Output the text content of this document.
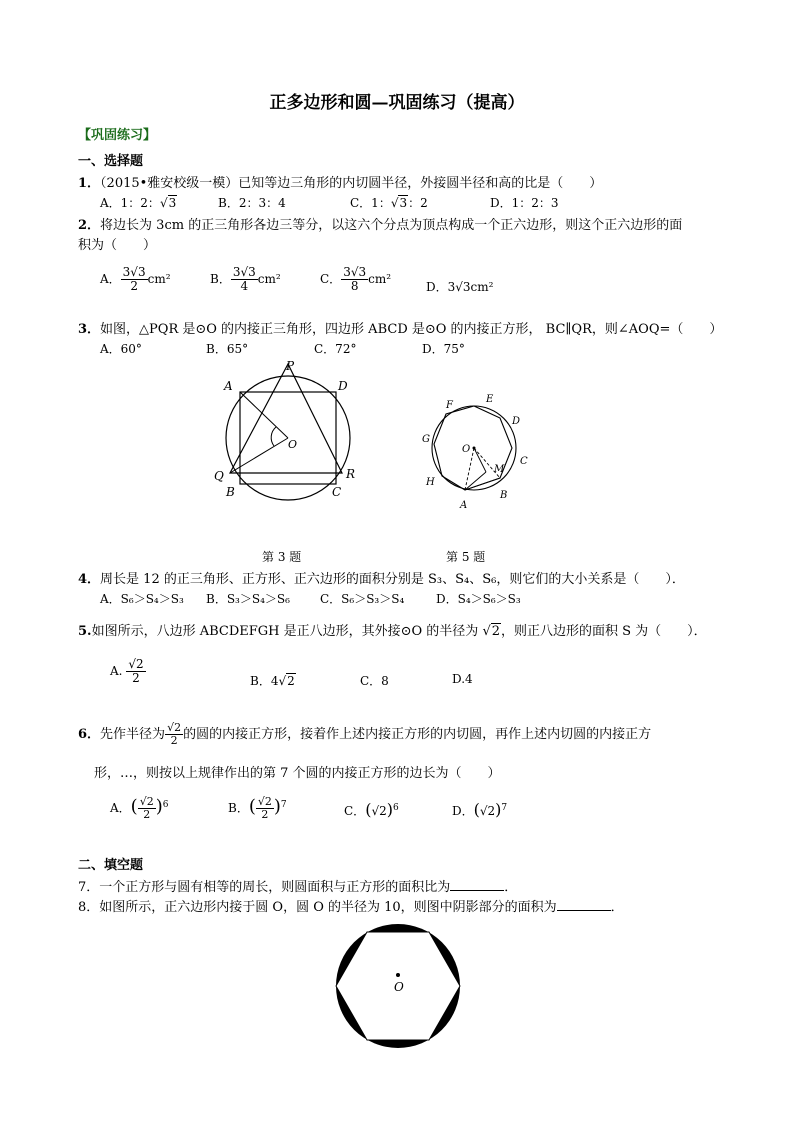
正多边形和圆—巩固练习（提高）
【巩固练习】
一、选择题
1．（2015•雅安校级一模）已知等边三角形的内切圆半径，外接圆半径和高的比是（　　）
A．1：2：√3	B．2：3：4	C．1：√3：2	D．1：2：3
2．将边长为 3cm 的正三角形各边三等分，以这六个分点为顶点构成一个正六边形，则这个正六边形的面
积为（　　）
A． $\frac{3√3}{2} cm^2$	B． $\frac{3√3}{4} cm^2$	C． $\frac{3√3}{8} cm^2$
D．3√3cm²
3．如图，△PQR 是⊙O 的内接正三角形，四边形 ABCD 是⊙O 的内接正方形， BC∥QR，则∠AOQ=（　　）
A．60°	B．65°	C．72°	D．75°
A
P
D
O
Q	R
B	C
F
E
D
G
O
C
M
H
A
B
第 3 题	第 5 题
4．周长是 12 的正三角形、正方形、正六边形的面积分别是 S₃、S₄、S₆，则它们的大小关系是（　　）．
A．S₆＞S₄＞S₃ B．S₃＞S₄＞S₆	C．S₆＞S₃＞S₄	D．S₄＞S₆＞S₃
5.如图所示，八边形 ABCDEFGH 是正八边形，其外接⊙O 的半径为 √2，则正八边形的面积 S 为（　　）．
A. $\frac{√2}{2}$	B．4√2	C．8	D.4
6．先作半径为 $\frac{√2}{2}$ 的圆的内接正方形，接着作上述内接正方形的内切圆，再作上述内切圆的内接正方
形，…，则按以上规律作出的第 7 个圆的内接正方形的边长为（　　）
A．( $\frac{√2}{2} )^6$	B．( $\frac{√2}{2} )^7$	C．$(√2)^6$	D．$(√2)^7$
二、填空题
7．一个正方形与圆有相等的周长，则圆面积与正方形的面积比为	．
8．如图所示，正六边形内接于圆 O，圆 O 的半径为 10，则图中阴影部分的面积为	．
O
